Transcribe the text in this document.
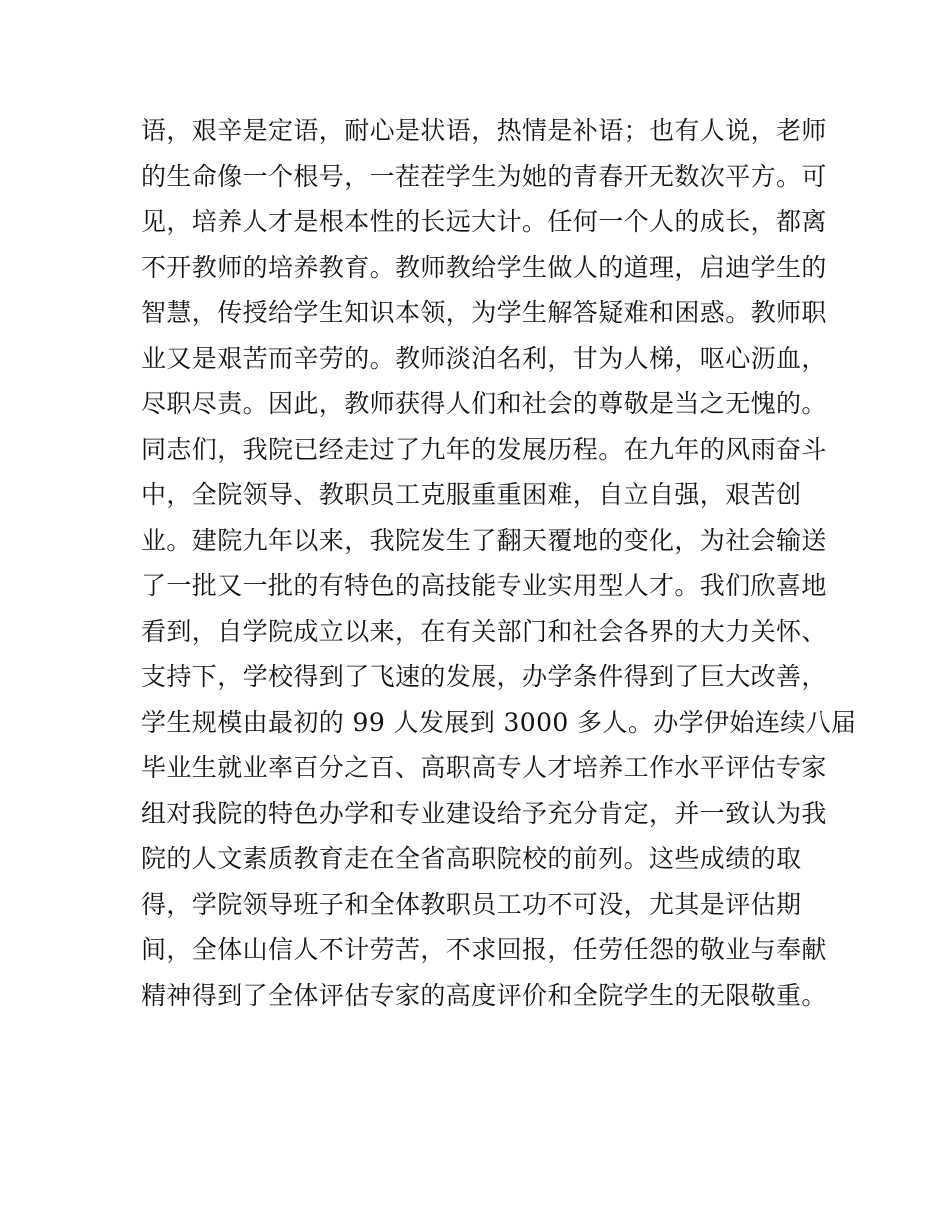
语，艰辛是定语，耐心是状语，热情是补语；也有人说，老师
的生命像一个根号，一茬茬学生为她的青春开无数次平方。可
见，培养人才是根本性的长远大计。任何一个人的成长，都离
不开教师的培养教育。教师教给学生做人的道理，启迪学生的
智慧，传授给学生知识本领，为学生解答疑难和困惑。教师职
业又是艰苦而辛劳的。教师淡泊名利，甘为人梯，呕心沥血，
尽职尽责。因此，教师获得人们和社会的尊敬是当之无愧的。
同志们，我院已经走过了九年的发展历程。在九年的风雨奋斗
中，全院领导、教职员工克服重重困难，自立自强，艰苦创
业。建院九年以来，我院发生了翻天覆地的变化，为社会输送
了一批又一批的有特色的高技能专业实用型人才。我们欣喜地
看到，自学院成立以来，在有关部门和社会各界的大力关怀、
支持下，学校得到了飞速的发展，办学条件得到了巨大改善，
学生规模由最初的 99 人发展到 3000 多人。办学伊始连续八届
毕业生就业率百分之百、高职高专人才培养工作水平评估专家
组对我院的特色办学和专业建设给予充分肯定，并一致认为我
院的人文素质教育走在全省高职院校的前列。这些成绩的取
得，学院领导班子和全体教职员工功不可没，尤其是评估期
间，全体山信人不计劳苦，不求回报，任劳任怨的敬业与奉献
精神得到了全体评估专家的高度评价和全院学生的无限敬重。
